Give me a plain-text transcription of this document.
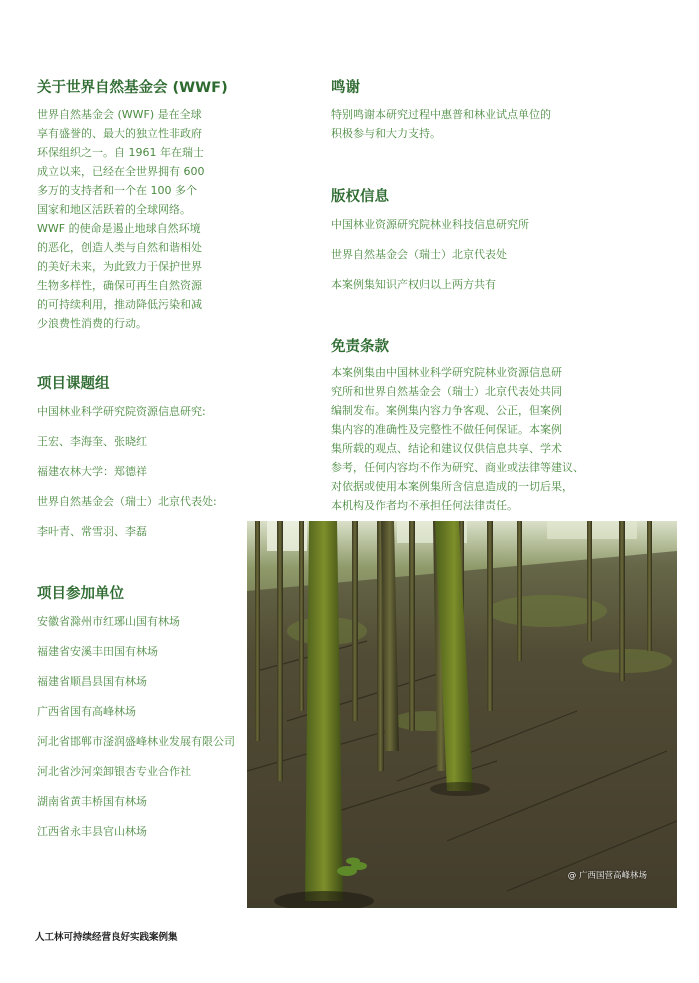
关于世界自然基金会 (WWF)
世界自然基金会 (WWF) 是在全球
享有盛誉的、最大的独立性非政府
环保组织之一。自 1961 年在瑞士
成立以来，已经在全世界拥有 600
多万的支持者和一个在 100 多个
国家和地区活跃着的全球网络。
WWF 的使命是遏止地球自然环境
的恶化，创造人类与自然和谐相处
的美好未来，为此致力于保护世界
生物多样性，确保可再生自然资源
的可持续利用，推动降低污染和减
少浪费性消费的行动。
项目课题组

中国林业科学研究院资源信息研究:

王宏、李海奎、张晓红

福建农林大学：郑德祥

世界自然基金会（瑞士）北京代表处:

李叶青、常雪羽、李磊

项目参加单位

安徽省滁州市红琊山国有林场

福建省安溪丰田国有林场

福建省顺昌县国有林场

广西省国有高峰林场

河北省邯郸市滏润盛峰林业发展有限公司

河北省沙河栾卸银杏专业合作社

湖南省黄丰桥国有林场

江西省永丰县官山林场

鸣谢
特别鸣谢本研究过程中惠普和林业试点单位的
积极参与和大力支持。
版权信息

中国林业资源研究院林业科技信息研究所

世界自然基金会（瑞士）北京代表处

本案例集知识产权归以上两方共有

免责条款
本案例集由中国林业科学研究院林业资源信息研
究所和世界自然基金会（瑞士）北京代表处共同
编制发布。案例集内容力争客观、公正，但案例
集内容的准确性及完整性不做任何保证。本案例
集所载的观点、结论和建议仅供信息共享、学术
参考，任何内容均不作为研究、商业或法律等建议、
对依据或使用本案例集所含信息造成的一切后果，
本机构及作者均不承担任何法律责任。
@ 广西国营高峰林场

人工林可持续经营良好实践案例集
